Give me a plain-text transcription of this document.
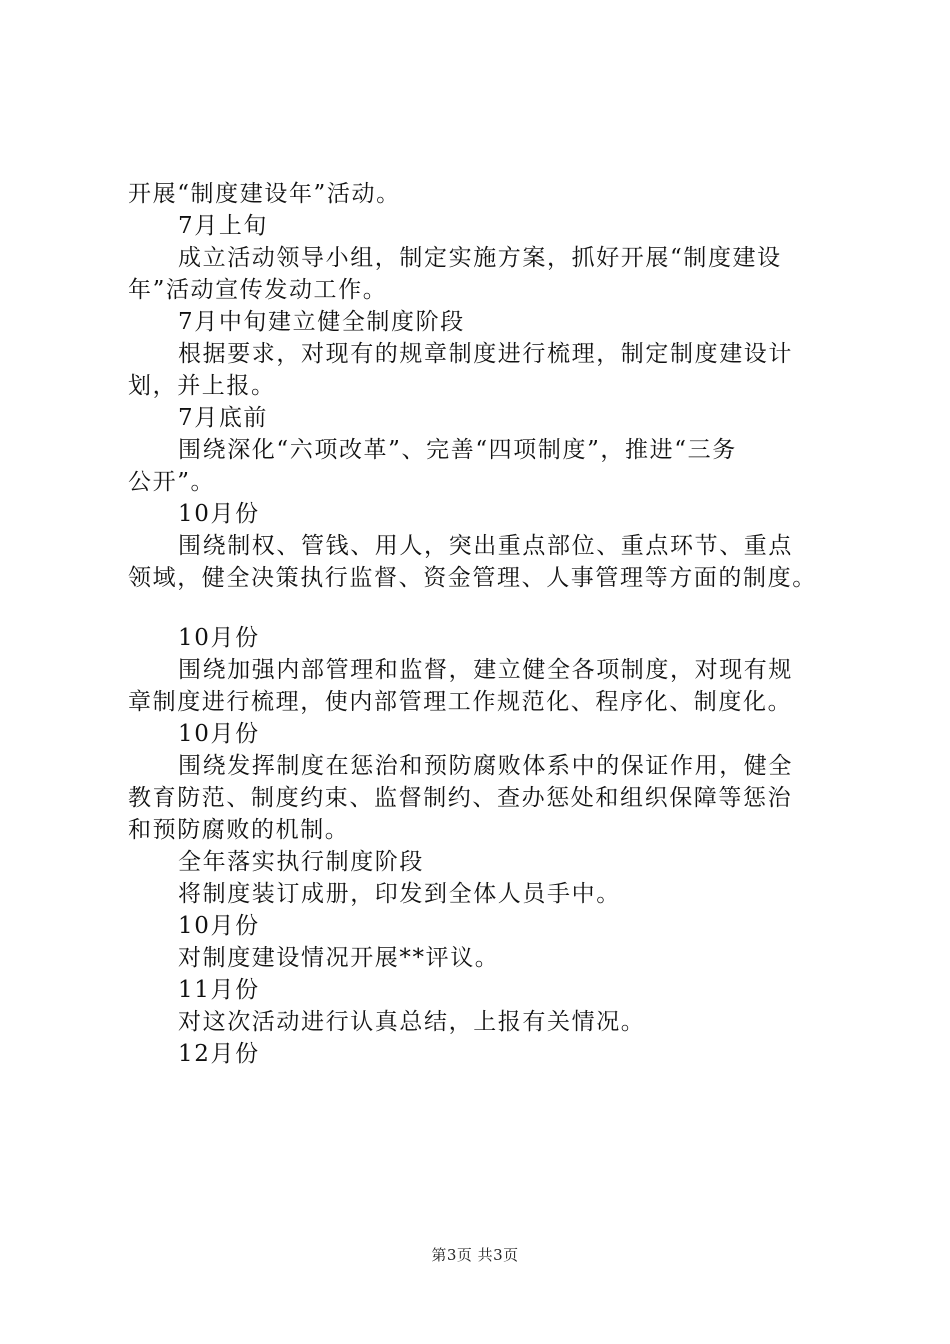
开展“制度建设年”活动。
7月上旬
成立活动领导小组，制定实施方案，抓好开展“制度建设
年”活动宣传发动工作。
7月中旬建立健全制度阶段
根据要求，对现有的规章制度进行梳理，制定制度建设计
划，并上报。
7月底前
围绕深化“六项改革”、完善“四项制度”，推进“三务
公开”。
10月份
围绕制权、管钱、用人，突出重点部位、重点环节、重点
领域，健全决策执行监督、资金管理、人事管理等方面的制度。
10月份
围绕加强内部管理和监督，建立健全各项制度，对现有规
章制度进行梳理，使内部管理工作规范化、程序化、制度化。
10月份
围绕发挥制度在惩治和预防腐败体系中的保证作用，健全
教育防范、制度约束、监督制约、查办惩处和组织保障等惩治
和预防腐败的机制。
全年落实执行制度阶段
将制度装订成册，印发到全体人员手中。
10月份
对制度建设情况开展**评议。
11月份
对这次活动进行认真总结，上报有关情况。
12月份
第3页 共3页
